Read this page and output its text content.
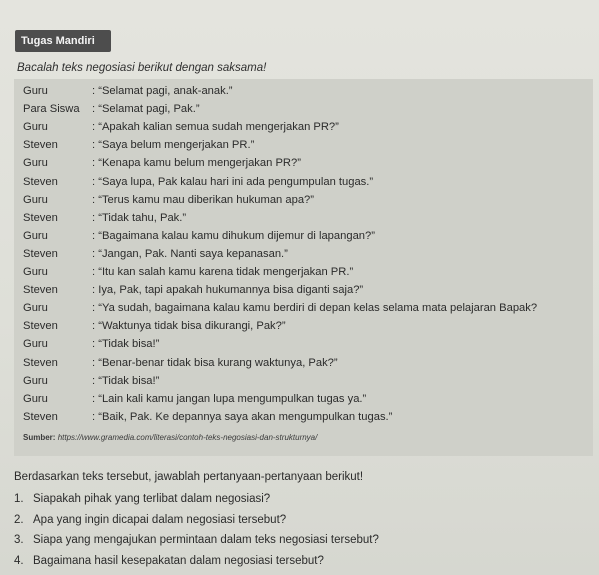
Tugas Mandiri
Bacalah teks negosiasi berikut dengan saksama!
Guru	: “Selamat pagi, anak-anak.”
Para Siswa	: “Selamat pagi, Pak.”
Guru	: “Apakah kalian semua sudah mengerjakan PR?”
Steven	: “Saya belum mengerjakan PR.”
Guru	: “Kenapa kamu belum mengerjakan PR?”
Steven	: “Saya lupa, Pak kalau hari ini ada pengumpulan tugas.”
Guru	: “Terus kamu mau diberikan hukuman apa?”
Steven	: “Tidak tahu, Pak.”
Guru	: “Bagaimana kalau kamu dihukum dijemur di lapangan?”
Steven	: “Jangan, Pak. Nanti saya kepanasan.”
Guru	: “Itu kan salah kamu karena tidak mengerjakan PR.”
Steven	: Iya, Pak, tapi apakah hukumannya bisa diganti saja?”
Guru	: “Ya sudah, bagaimana kalau kamu berdiri di depan kelas selama mata pelajaran Bapak?
Steven	: “Waktunya tidak bisa dikurangi, Pak?”
Guru	: “Tidak bisa!”
Steven	: “Benar-benar tidak bisa kurang waktunya, Pak?”
Guru	: “Tidak bisa!”
Guru	: “Lain kali kamu jangan lupa mengumpulkan tugas ya.”
Steven	: “Baik, Pak. Ke depannya saya akan mengumpulkan tugas.”
Sumber: https://www.gramedia.com/literasi/contoh-teks-negosiasi-dan-strukturnya/
Berdasarkan teks tersebut, jawablah pertanyaan-pertanyaan berikut!
1. Siapakah pihak yang terlibat dalam negosiasi?
2. Apa yang ingin dicapai dalam negosiasi tersebut?
3. Siapa yang mengajukan permintaan dalam teks negosiasi tersebut?
4. Bagaimana hasil kesepakatan dalam negosiasi tersebut?
